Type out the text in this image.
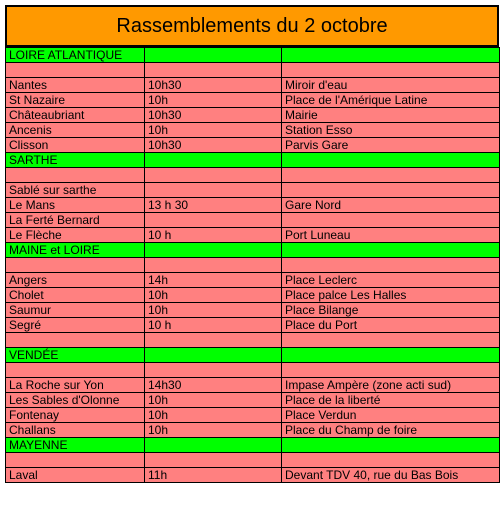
Rassemblements du 2 octobre
LOIRE ATLANTIQUE		

Nantes	10h30	Miroir d'eau
St Nazaire	10h	Place de l'Amérique Latine
Châteaubriant	10h30	Mairie
Ancenis	10h	Station Esso
Clisson	10h30	Parvis Gare
SARTHE		

Sablé sur sarthe		
Le Mans	13 h 30	Gare Nord
La Ferté Bernard		
Le Flèche	10 h	Port Luneau
MAINE et LOIRE		

Angers	14h	Place Leclerc
Cholet	10h	Place palce Les Halles
Saumur	10h	Place Bilange
Segré	10 h	Place du Port

VENDÉE		

La Roche sur Yon	14h30	Impase Ampère (zone acti sud)
Les Sables d'Olonne	10h	Place de la liberté
Fontenay	10h	Place Verdun
Challans	10h	Place du Champ de foire
MAYENNE		

Laval	11h	Devant TDV 40, rue du Bas Bois
